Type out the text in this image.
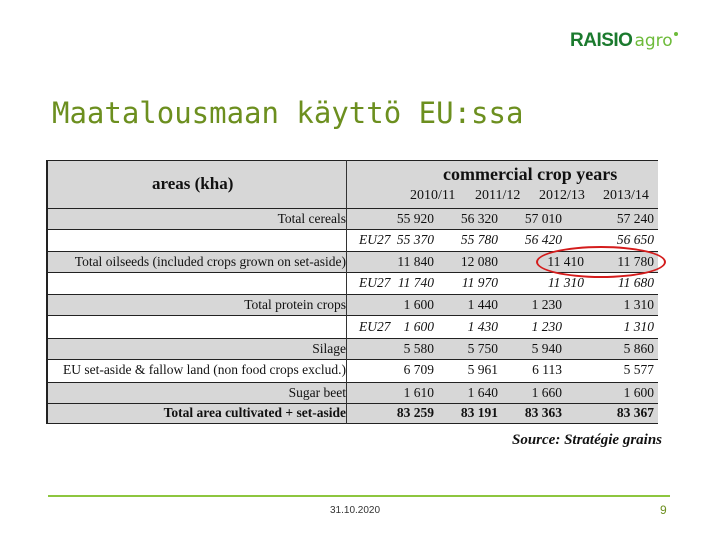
RAISIO agro
Maatalousmaan käyttö EU:ssa
areas (kha)	commercial crop years
2010/11 2011/12 2012/13 2013/14
Total cereals	55 920	56 320	57 010	57 240
EU27 55 370	55 780	56 420	56 650
Total oilseeds (included crops grown on set-aside)	11 840	12 080	11 410	11 780
EU27 11 740	11 970	11 310	11 680
Total protein crops	1 600	1 440	1 230	1 310
EU27 1 600	1 430	1 230	1 310
Silage	5 580	5 750	5 940	5 860
EU set-aside & fallow land (non food crops exclud.)	6 709	5 961	6 113	5 577
Sugar beet	1 610	1 640	1 660	1 600
Total area cultivated + set-aside	83 259	83 191	83 363	83 367
Source: Stratégie grains
31.10.2020	9
